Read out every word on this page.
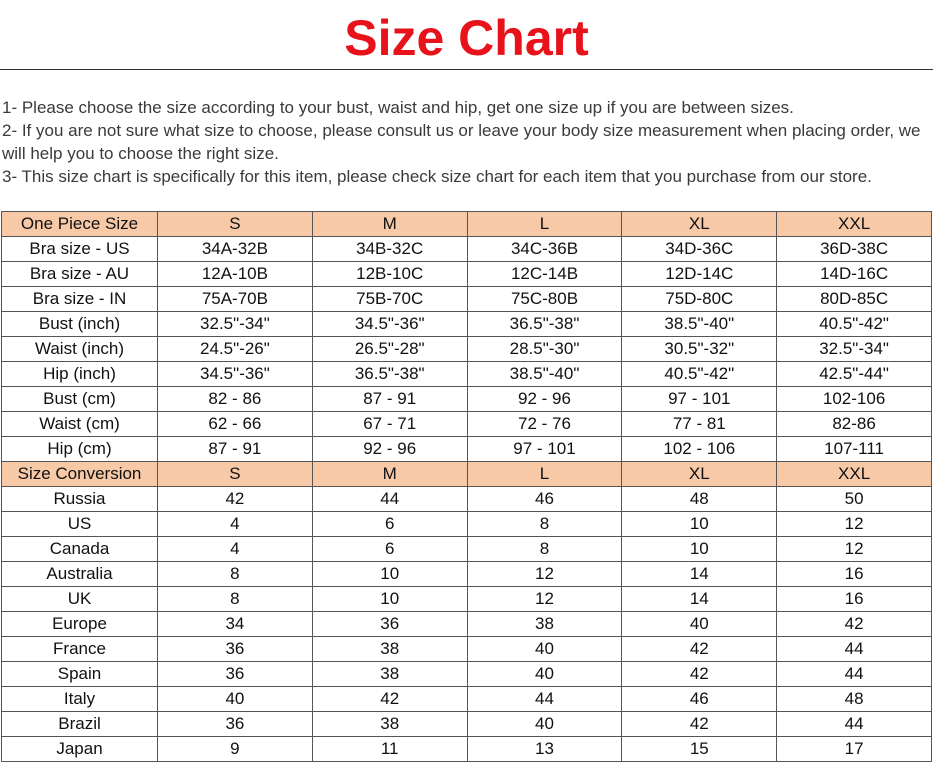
Size Chart
1- Please choose the size according to your bust, waist and hip, get one size up if you are between sizes.
2- If you are not sure what size to choose, please consult us or leave your body size measurement when placing order, we will help you to choose the right size.
3- This size chart is specifically for this item, please check size chart for each item that you purchase from our store.
One Piece Size	S	M	L	XL	XXL
Bra size - US	34A-32B	34B-32C	34C-36B	34D-36C	36D-38C
Bra size - AU	12A-10B	12B-10C	12C-14B	12D-14C	14D-16C
Bra size - IN	75A-70B	75B-70C	75C-80B	75D-80C	80D-85C
Bust (inch)	32.5"-34"	34.5"-36"	36.5"-38"	38.5"-40"	40.5"-42"
Waist (inch)	24.5"-26"	26.5"-28"	28.5"-30"	30.5"-32"	32.5"-34"
Hip (inch)	34.5"-36"	36.5"-38"	38.5"-40"	40.5"-42"	42.5"-44"
Bust (cm)	82 - 86	87 - 91	92 - 96	97 - 101	102-106
Waist (cm)	62 - 66	67 - 71	72 - 76	77 - 81	82-86
Hip (cm)	87 - 91	92 - 96	97 - 101	102 - 106	107-111
Size Conversion	S	M	L	XL	XXL
Russia	42	44	46	48	50
US	4	6	8	10	12
Canada	4	6	8	10	12
Australia	8	10	12	14	16
UK	8	10	12	14	16
Europe	34	36	38	40	42
France	36	38	40	42	44
Spain	36	38	40	42	44
Italy	40	42	44	46	48
Brazil	36	38	40	42	44
Japan	9	11	13	15	17
